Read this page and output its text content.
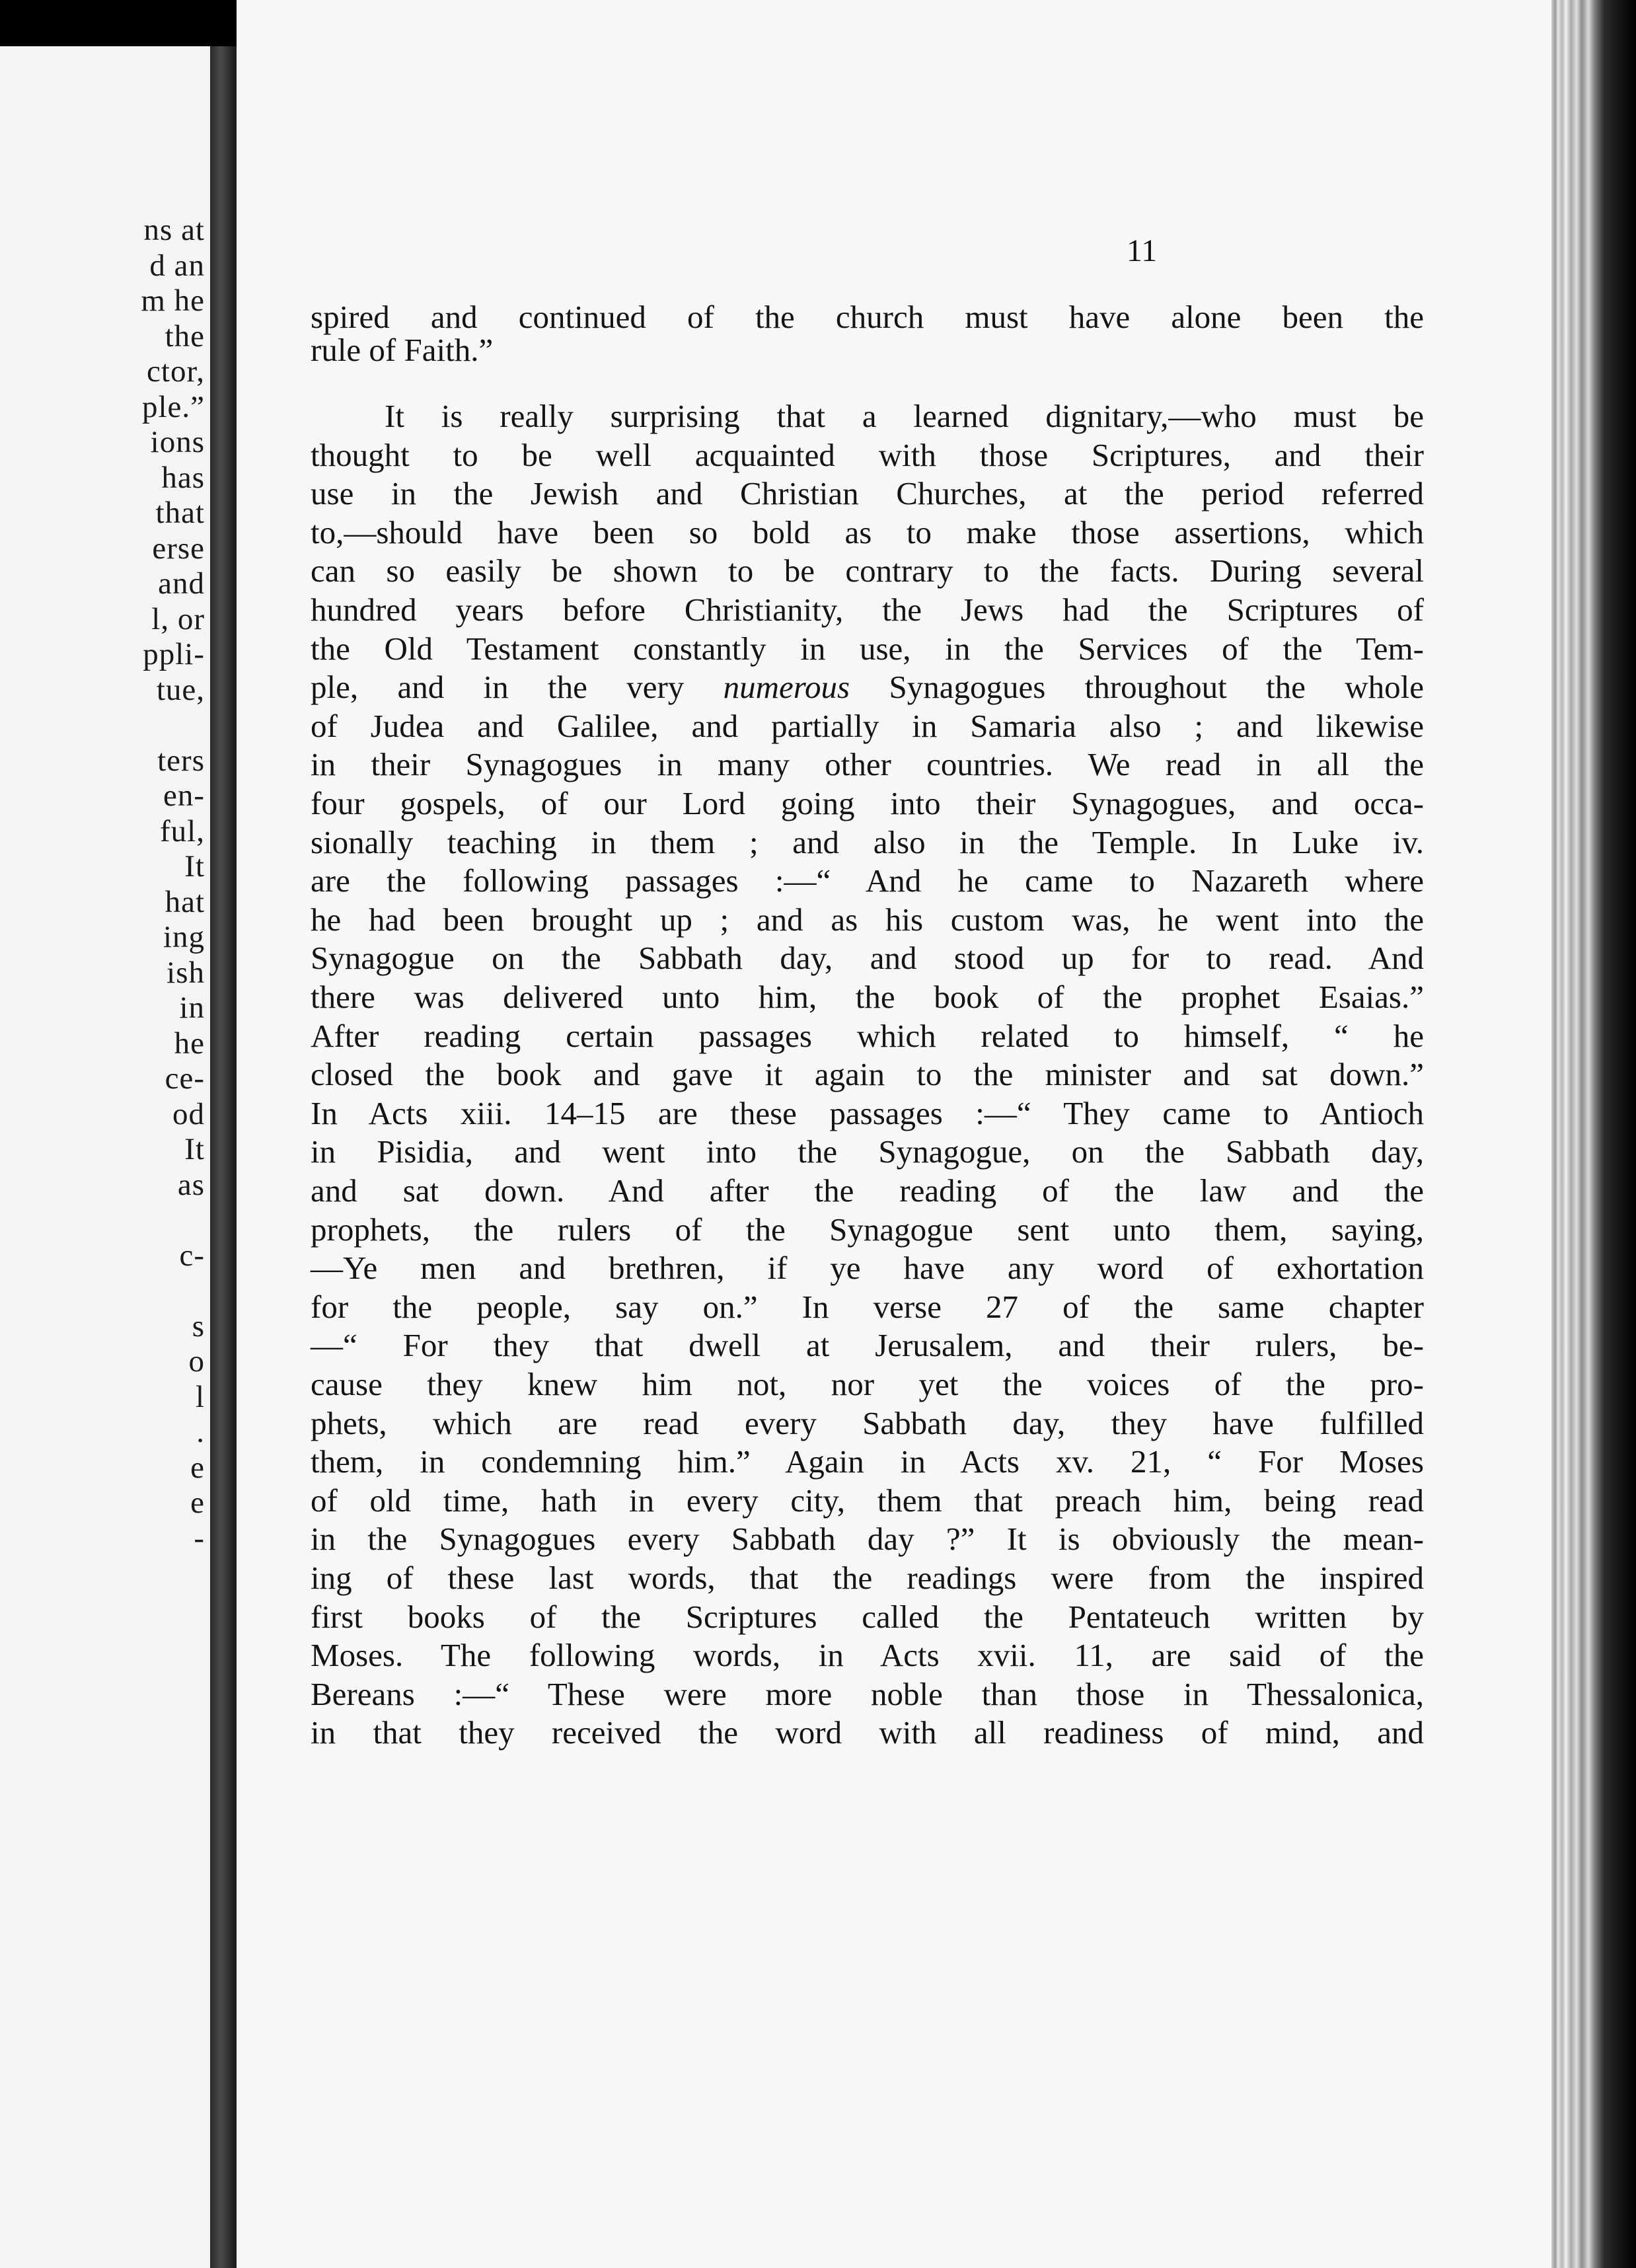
ns at
d an
m he
the
ctor,
ple.”
ions
has
that
erse
and
l, or
ppli-
tue,
ters
en-
ful,
It
hat
ing
ish
in
he
ce-
od
It
as
c-
s
o
l
.
e
e
-
11
spired and continued of the church must have alone been the
rule of Faith.”
It is really surprising that a learned dignitary,—who must be
thought to be well acquainted with those Scriptures, and their
use in the Jewish and Christian Churches, at the period referred
to,—should have been so bold as to make those assertions, which
can so easily be shown to be contrary to the facts. During several
hundred years before Christianity, the Jews had the Scriptures of
the Old Testament constantly in use, in the Services of the Tem-
ple, and in the very numerous Synagogues throughout the whole
of Judea and Galilee, and partially in Samaria also ; and likewise
in their Synagogues in many other countries. We read in all the
four gospels, of our Lord going into their Synagogues, and occa-
sionally teaching in them ; and also in the Temple. In Luke iv.
are the following passages :—“ And he came to Nazareth where
he had been brought up ; and as his custom was, he went into the
Synagogue on the Sabbath day, and stood up for to read. And
there was delivered unto him, the book of the prophet Esaias.”
After reading certain passages which related to himself, “ he
closed the book and gave it again to the minister and sat down.”
In Acts xiii. 14–15 are these passages :—“ They came to Antioch
in Pisidia, and went into the Synagogue, on the Sabbath day,
and sat down. And after the reading of the law and the
prophets, the rulers of the Synagogue sent unto them, saying,
—Ye men and brethren, if ye have any word of exhortation
for the people, say on.” In verse 27 of the same chapter
—“ For they that dwell at Jerusalem, and their rulers, be-
cause they knew him not, nor yet the voices of the pro-
phets, which are read every Sabbath day, they have fulfilled
them, in condemning him.” Again in Acts xv. 21, “ For Moses
of old time, hath in every city, them that preach him, being read
in the Synagogues every Sabbath day ?” It is obviously the mean-
ing of these last words, that the readings were from the inspired
first books of the Scriptures called the Pentateuch written by
Moses. The following words, in Acts xvii. 11, are said of the
Bereans :—“ These were more noble than those in Thessalonica,
in that they received the word with all readiness of mind, and
